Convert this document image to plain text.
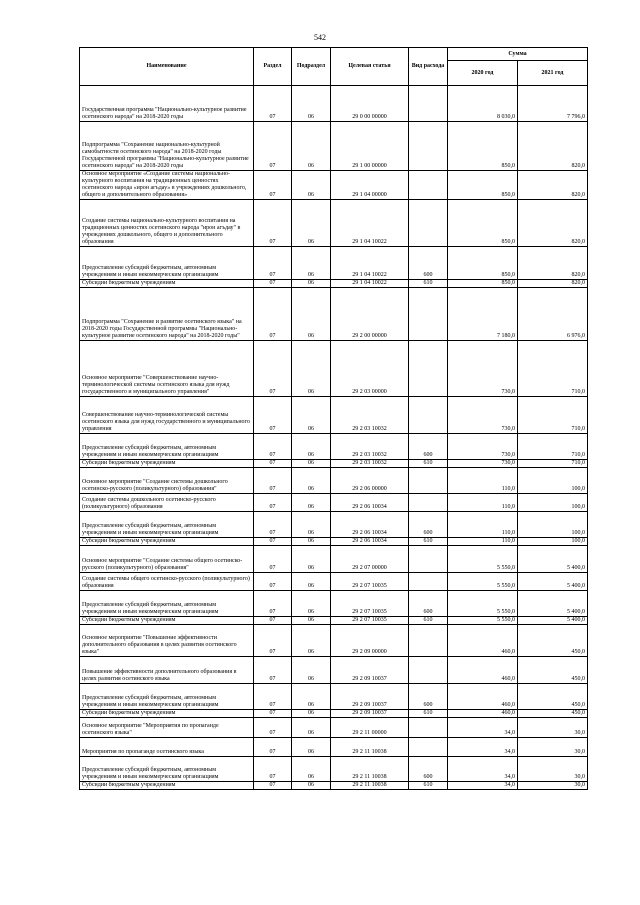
542
Наименование	Раздел	Подраздел	Целевая статья	Вид расхода	Сумма	
					2020 год	2021 год
Государственная программа "Национально-культурное развитие осетинского народа" на 2018-2020 годы	07	06	29 0 00 00000		8 030,0	7 796,0
Подпрограмма "Сохранение национально-культурной самобытности осетинского народа" на 2018-2020 годы Государственной программы "Национально-культурное развитие осетинского народа" на 2018-2020 годы	07	06	29 1 00 00000		850,0	820,0
Основное мероприятие «Создание системы национально-культурного воспитания на традиционных ценностях осетинского народа «ирон агъдау» в учреждениях дошкольного, общего и дополнительного образования»	07	06	29 1 04 00000		850,0	820,0
Создание системы национально-культурного воспитания на традиционных ценностях осетинского народа "ирон агъдау" в учреждениях дошкольного, общего и дополнительного образования	07	06	29 1 04 10022		850,0	820,0
Предоставление субсидий бюджетным, автономным учреждениям и иным некоммерческим организациям	07	06	29 1 04 10022	600	850,0	820,0
Субсидии бюджетным учреждениям	07	06	29 1 04 10022	610	850,0	820,0
Подпрограмма "Сохранение и развитие осетинского языка" на 2018-2020 годы Государственной программы "Национально-культурное развитие осетинского народа" на 2018-2020 годы"	07	06	29 2 00 00000		7 180,0	6 976,0
Основное мероприятие "Совершенствование научно-терминологической системы осетинского языка для нужд государственного и муниципального управления"	07	06	29 2 03 00000		730,0	710,0
Совершенствование научно-терминологической системы осетинского языка для нужд государственного и муниципального управления	07	06	29 2 03 10032		730,0	710,0
Предоставление субсидий бюджетным, автономным учреждениям и иным некоммерческим организациям	07	06	29 2 03 10032	600	730,0	710,0
Субсидии бюджетным учреждениям	07	06	29 2 03 10032	610	730,0	710,0
Основное мероприятие "Создание системы дошкольного осетинско-русского (поликультурного) образования"	07	06	29 2 06 00000		110,0	100,0
Создание системы дошкольного осетинско-русского (поликультурного) образования	07	06	29 2 06 10034		110,0	100,0
Предоставление субсидий бюджетным, автономным учреждениям и иным некоммерческим организациям	07	06	29 2 06 10034	600	110,0	100,0
Субсидии бюджетным учреждениям	07	06	29 2 06 10034	610	110,0	100,0
Основное мероприятие "Создание системы общего осетинско-русского (поликультурного) образования"	07	06	29 2 07 00000		5 550,0	5 400,0
Создание системы общего осетинско-русского (поликультурного) образования	07	06	29 2 07 10035		5 550,0	5 400,0
Предоставление субсидий бюджетным, автономным учреждениям и иным некоммерческим организациям	07	06	29 2 07 10035	600	5 550,0	5 400,0
Субсидии бюджетным учреждениям	07	06	29 2 07 10035	610	5 550,0	5 400,0
Основное мероприятие "Повышение эффективности дополнительного образования в целях развития осетинского языка"	07	06	29 2 09 00000		460,0	450,0
Повышение эффективности дополнительного образования в целях развития осетинского языка	07	06	29 2 09 10037		460,0	450,0
Предоставление субсидий бюджетным, автономным учреждениям и иным некоммерческим организациям	07	06	29 2 09 10037	600	460,0	450,0
Субсидии бюджетным учреждениям	07	06	29 2 09 10037	610	460,0	450,0
Основное мероприятие "Мероприятия по пропаганде осетинского языка"	07	06	29 2 11 00000		34,0	30,0
Мероприятия по пропаганде осетинского языка	07	06	29 2 11 10038		34,0	30,0
Предоставление субсидий бюджетным, автономным учреждениям и иным некоммерческим организациям	07	06	29 2 11 10038	600	34,0	30,0
Субсидии бюджетным учреждениям	07	06	29 2 11 10038	610	34,0	30,0
